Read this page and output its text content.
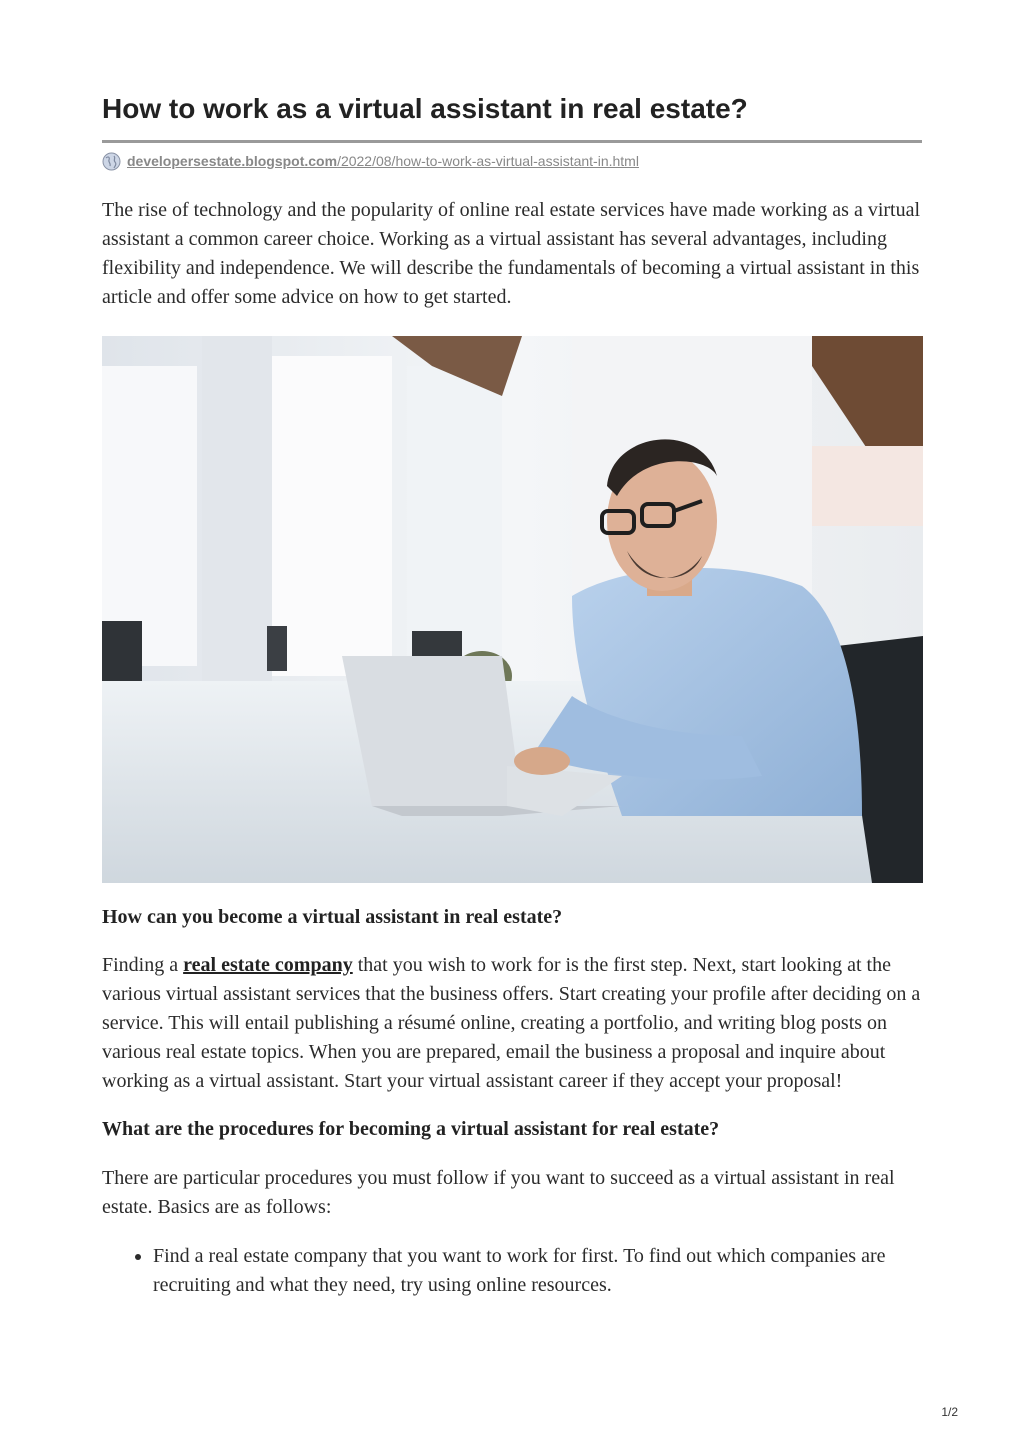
How to work as a virtual assistant in real estate?
developersestate.blogspot.com/2022/08/how-to-work-as-virtual-assistant-in.html

The rise of technology and the popularity of online real estate services have made working as a virtual assistant a common career choice. Working as a virtual assistant has several advantages, including flexibility and independence. We will describe the fundamentals of becoming a virtual assistant in this article and offer some advice on how to get started.

How can you become a virtual assistant in real estate?

Finding a real estate company that you wish to work for is the first step. Next, start looking at the various virtual assistant services that the business offers. Start creating your profile after deciding on a service. This will entail publishing a résumé online, creating a portfolio, and writing blog posts on various real estate topics. When you are prepared, email the business a proposal and inquire about working as a virtual assistant. Start your virtual assistant career if they accept your proposal!

What are the procedures for becoming a virtual assistant for real estate?

There are particular procedures you must follow if you want to succeed as a virtual assistant in real estate. Basics are as follows:

• Find a real estate company that you want to work for first. To find out which companies are recruiting and what they need, try using online resources.
1/2
